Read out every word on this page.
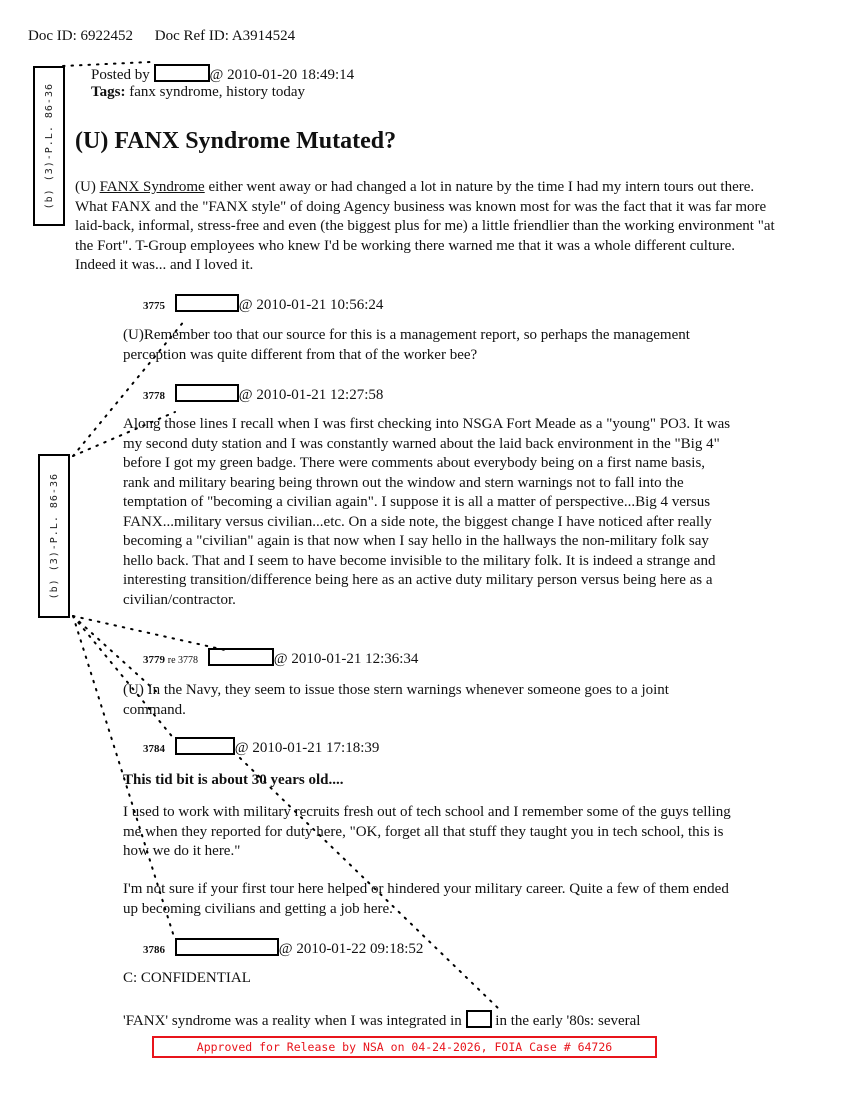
Doc ID: 6922452 Doc Ref ID: A3914524
(b) (3)-P.L. 86-36
(b) (3)-P.L. 86-36
Posted by	@ 2010-01-20 18:49:14
Tags: fanx syndrome, history today
(U) FANX Syndrome Mutated?
(U) FANX Syndrome either went away or had changed a lot in nature by the time I had my intern tours out there. What FANX and the "FANX style" of doing Agency business was known most for was the fact that it was far more laid-back, informal, stress-free and even (the biggest plus for me) a little friendlier than the working environment "at the Fort". T-Group employees who knew I'd be working there warned me that it was a whole different culture. Indeed it was... and I loved it.
3775	@ 2010-01-21 10:56:24
(U)Remember too that our source for this is a management report, so perhaps the management perception was quite different from that of the worker bee?
3778	@ 2010-01-21 12:27:58
Along those lines I recall when I was first checking into NSGA Fort Meade as a "young" PO3. It was my second duty station and I was constantly warned about the laid back environment in the "Big 4" before I got my green badge. There were comments about everybody being on a first name basis, rank and military bearing being thrown out the window and stern warnings not to fall into the temptation of "becoming a civilian again". I suppose it is all a matter of perspective...Big 4 versus FANX...military versus civilian...etc. On a side note, the biggest change I have noticed after really becoming a "civilian" again is that now when I say hello in the hallways the non-military folk say hello back. That and I seem to have become invisible to the military folk. It is indeed a strange and interesting transition/difference being here as an active duty military person versus being here as a civilian/contractor.
3779 re 3778	@ 2010-01-21 12:36:34
(U) In the Navy, they seem to issue those stern warnings whenever someone goes to a joint command.
3784	@ 2010-01-21 17:18:39
This tid bit is about 30 years old....
I used to work with military recruits fresh out of tech school and I remember some of the guys telling me when they reported for duty here, "OK, forget all that stuff they taught you in tech school, this is how we do it here."
I'm not sure if your first tour here helped or hindered your military career. Quite a few of them ended up becoming civilians and getting a job here.
3786	@ 2010-01-22 09:18:52
C: CONFIDENTIAL
'FANX' syndrome was a reality when I was integrated in in the early '80s: several
Approved for Release by NSA on 04-24-2026, FOIA Case # 64726
